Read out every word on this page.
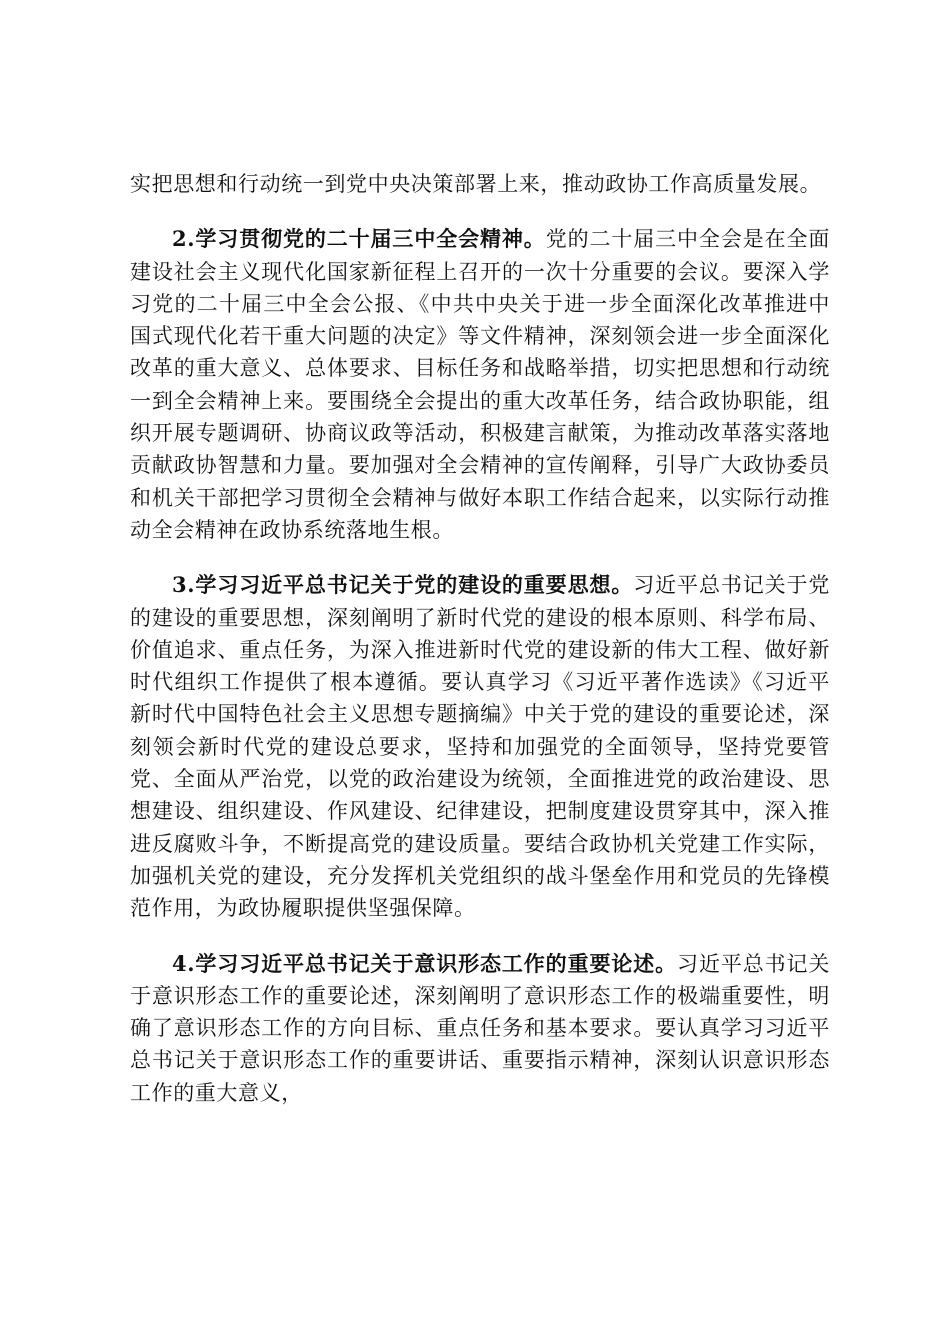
实把思想和行动统一到党中央决策部署上来，推动政协工作高质量发展。

2.学习贯彻党的二十届三中全会精神。党的二十届三中全会是在全面建设社会主义现代化国家新征程上召开的一次十分重要的会议。要深入学习党的二十届三中全会公报、《中共中央关于进一步全面深化改革推进中国式现代化若干重大问题的决定》等文件精神，深刻领会进一步全面深化改革的重大意义、总体要求、目标任务和战略举措，切实把思想和行动统一到全会精神上来。要围绕全会提出的重大改革任务，结合政协职能，组织开展专题调研、协商议政等活动，积极建言献策，为推动改革落实落地贡献政协智慧和力量。要加强对全会精神的宣传阐释，引导广大政协委员和机关干部把学习贯彻全会精神与做好本职工作结合起来，以实际行动推动全会精神在政协系统落地生根。

3.学习习近平总书记关于党的建设的重要思想。习近平总书记关于党的建设的重要思想，深刻阐明了新时代党的建设的根本原则、科学布局、价值追求、重点任务，为深入推进新时代党的建设新的伟大工程、做好新时代组织工作提供了根本遵循。要认真学习《习近平著作选读》《习近平新时代中国特色社会主义思想专题摘编》中关于党的建设的重要论述，深刻领会新时代党的建设总要求，坚持和加强党的全面领导，坚持党要管党、全面从严治党，以党的政治建设为统领，全面推进党的政治建设、思想建设、组织建设、作风建设、纪律建设，把制度建设贯穿其中，深入推进反腐败斗争，不断提高党的建设质量。要结合政协机关党建工作实际，加强机关党的建设，充分发挥机关党组织的战斗堡垒作用和党员的先锋模范作用，为政协履职提供坚强保障。

4.学习习近平总书记关于意识形态工作的重要论述。习近平总书记关于意识形态工作的重要论述，深刻阐明了意识形态工作的极端重要性，明确了意识形态工作的方向目标、重点任务和基本要求。要认真学习习近平总书记关于意识形态工作的重要讲话、重要指示精神，深刻认识意识形态工作的重大意义，
